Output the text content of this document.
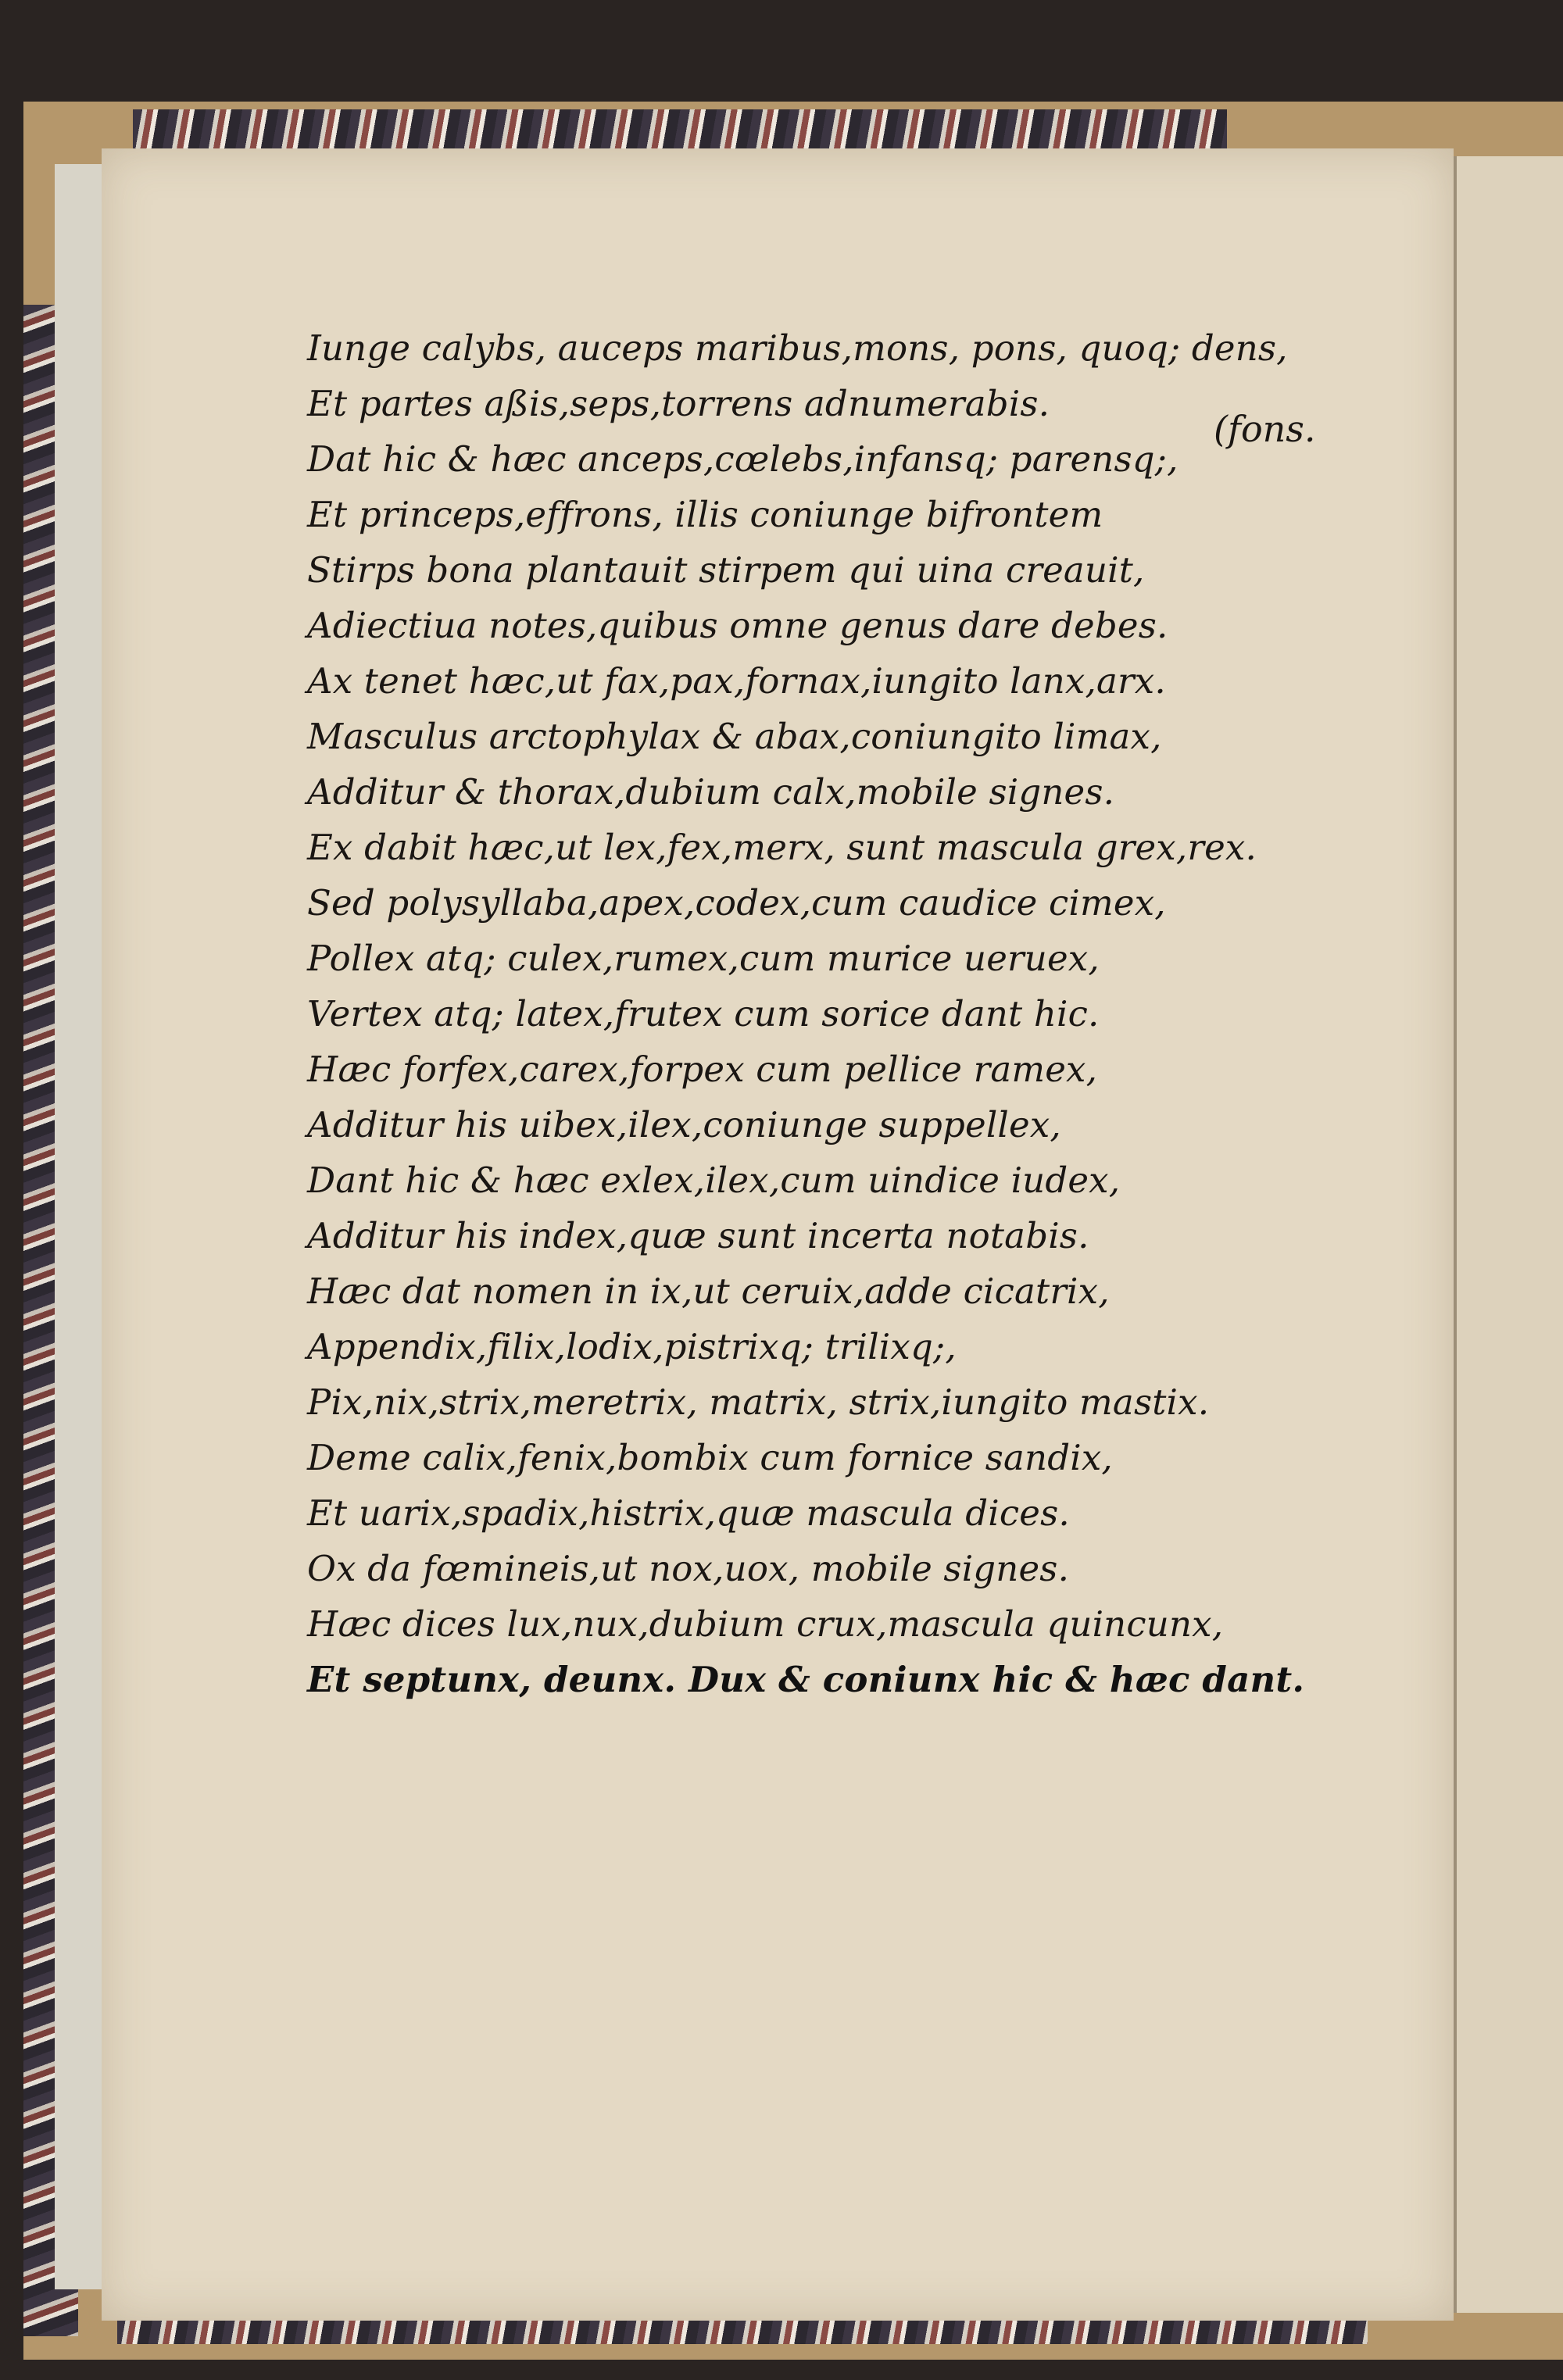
Iunge calybs, auceps maribus,mons, pons, quoq; dens,
Et partes aßis,seps,torrens adnumerabis.
Dat hic & hæc anceps,cœlebs,infansq; parensq;,
Et princeps,effrons, illis coniunge bifrontem
Stirps bona plantauit stirpem qui uina creauit,
Adiectiua notes,quibus omne genus dare debes.
Ax tenet hæc,ut fax,pax,fornax,iungito lanx,arx.
Masculus arctophylax & abax,coniungito limax,
Additur & thorax,dubium calx,mobile signes.
Ex dabit hæc,ut lex,fex,merx, sunt mascula grex,rex.
Sed polysyllaba,apex,codex,cum caudice cimex,
Pollex atq; culex,rumex,cum murice ueruex,
Vertex atq; latex,frutex cum sorice dant hic.
Hæc forfex,carex,forpex cum pellice ramex,
Additur his uibex,ilex,coniunge suppellex,
Dant hic & hæc exlex,ilex,cum uindice iudex,
Additur his index,quæ sunt incerta notabis.
Hæc dat nomen in ix,ut ceruix,adde cicatrix,
Appendix,filix,lodix,pistrixq; trilixq;,
Pix,nix,strix,meretrix, matrix, strix,iungito mastix.
Deme calix,fenix,bombix cum fornice sandix,
Et uarix,spadix,histrix,quæ mascula dices.
Ox da fœmineis,ut nox,uox, mobile signes.
Hæc dices lux,nux,dubium crux,mascula quincunx,
Et septunx, deunx. Dux & coniunx hic & hæc dant.
(fons.
